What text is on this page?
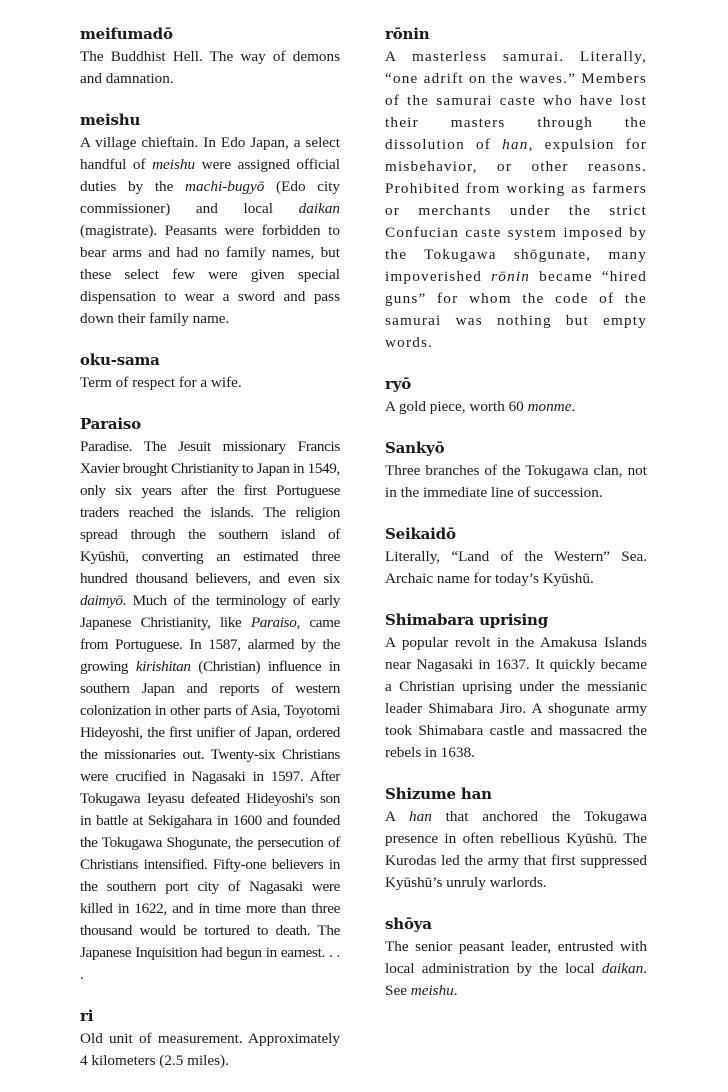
meifumadō

The Buddhist Hell. The way of demons and damnation.

meishu

A village chieftain. In Edo Japan, a select handful of meishu were assigned official duties by the machi-bugyō (Edo city commissioner) and local daikan (magistrate). Peasants were forbidden to bear arms and had no family names, but these select few were given special dispensation to wear a sword and pass down their family name.

oku-sama

Term of respect for a wife.

Paraiso

Paradise. The Jesuit missionary Francis Xavier brought Christianity to Japan in 1549, only six years after the first Portuguese traders reached the islands. The religion spread through the southern island of Kyūshū, converting an estimated three hundred thousand believers, and even six daimyō. Much of the terminology of early Japanese Christianity, like Paraiso, came from Portuguese. In 1587, alarmed by the growing kirishitan (Christian) influence in southern Japan and reports of western colonization in other parts of Asia, Toyotomi Hideyoshi, the first unifier of Japan, ordered the missionaries out. Twenty-six Christians were crucified in Nagasaki in 1597. After Tokugawa Ieyasu defeated Hideyoshi's son in battle at Sekigahara in 1600 and founded the Tokugawa Shogunate, the persecution of Christians intensified. Fifty-one believers in the southern port city of Nagasaki were killed in 1622, and in time more than three thousand would be tortured to death. The Japanese Inquisition had begun in earnest. . . .

ri

Old unit of measurement. Approximately 4 kilometers (2.5 miles).

rōnin

A masterless samurai. Literally, “one adrift on the waves.” Members of the samurai caste who have lost their masters through the dissolution of han, expulsion for misbehavior, or other reasons. Prohibited from working as farmers or merchants under the strict Confucian caste system imposed by the Tokugawa shōgunate, many impoverished rōnin became “hired guns” for whom the code of the samurai was nothing but empty words.

ryō

A gold piece, worth 60 monme.

Sankyō

Three branches of the Tokugawa clan, not in the immediate line of succession.

Seikaidō

Literally, “Land of the Western” Sea. Archaic name for today’s Kyūshū.

Shimabara uprising

A popular revolt in the Amakusa Islands near Nagasaki in 1637. It quickly became a Christian uprising under the messianic leader Shimabara Jiro. A shogunate army took Shimabara castle and massacred the rebels in 1638.

Shizume han

A han that anchored the Tokugawa presence in often rebellious Kyūshū. The Kurodas led the army that first suppressed Kyūshū’s unruly warlords.

shōya

The senior peasant leader, entrusted with local administration by the local daikan. See meishu.
